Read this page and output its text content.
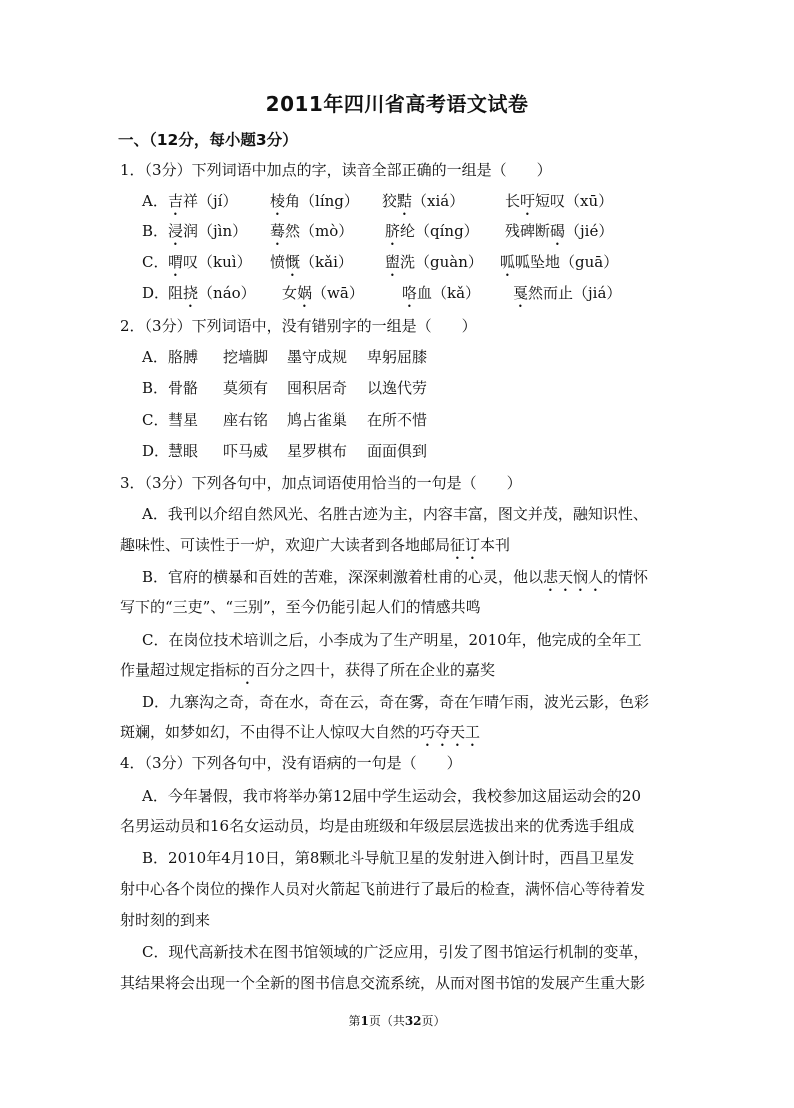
2011年四川省高考语文试卷
一、（12分，每小题3分）
1．（3分）下列词语中加点的字，读音全部正确的一组是（　　）
A． 吉祥（jí） 棱角（líng） 狡黠（xiá）	长吁短叹（xū）
B． 浸润（jìn） 蓦然（mò） 脐纶（qíng） 残碑断碣（jié）
C． 喟叹（kuì） 愤慨（kǎi） 盥洗（guàn） 呱呱坠地（guā）
D．
阻挠（náo） 女娲（wā）	咯血（kǎ） 戛然而止（jiá）
2．（3分）下列词语中，没有错别字的一组是（　　）
A． 胳膊 挖墙脚 墨守成规 卑躬屈膝
B． 骨骼 莫须有 囤积居奇 以逸代劳
C． 彗星 座右铭 鸠占雀巢 在所不惜
D．
慧眼 吓马威 星罗棋布 面面俱到
3．（3分）下列各句中，加点词语使用恰当的一句是（　　）
A．我刊以介绍自然风光、名胜古迹为主，内容丰富，图文并茂，融知识性、
趣味性、可读性于一炉，欢迎广大读者到各地邮局征订本刊
B．官府的横暴和百姓的苦难，深深刺激着杜甫的心灵，他以悲天悯人的情怀
写下的“三吏”、“三别”，至今仍能引起人们的情感共鸣
C．在岗位技术培训之后，小李成为了生产明星，2010年，他完成的全年工
作量超过规定指标的百分之四十，获得了所在企业的嘉奖
D．九寨沟之奇，奇在水，奇在云，奇在雾，奇在乍晴乍雨，波光云影，色彩
斑斓，如梦如幻，不由得不让人惊叹大自然的巧夺天工
4．（3分）下列各句中，没有语病的一句是（　　）
A．今年暑假，我市将举办第12届中学生运动会，我校参加这届运动会的20
名男运动员和16名女运动员，均是由班级和年级层层选拔出来的优秀选手组成
B．2010年4月10日，第8颗北斗导航卫星的发射进入倒计时，西昌卫星发
射中心各个岗位的操作人员对火箭起飞前进行了最后的检查，满怀信心等待着发
射时刻的到来
C．现代高新技术在图书馆领域的广泛应用，引发了图书馆运行机制的变革，
其结果将会出现一个全新的图书信息交流系统，从而对图书馆的发展产生重大影
第1页（共32页）
